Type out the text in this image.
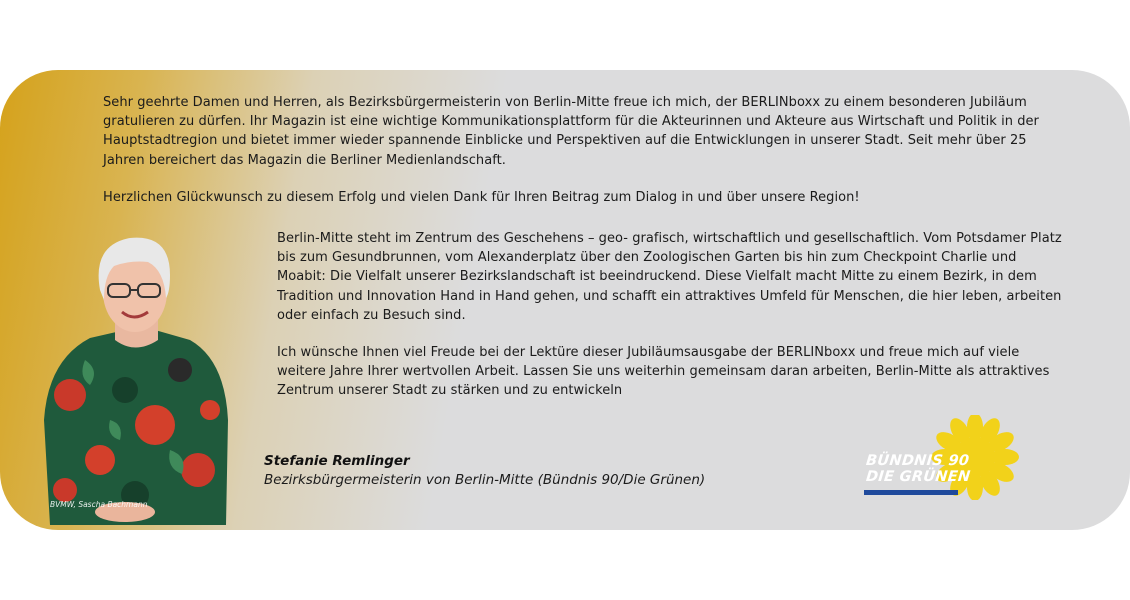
Sehr geehrte Damen und Herren, als Bezirksbürgermeisterin von Berlin-Mitte freue ich mich, der BERLINboxx zu einem besonderen Jubiläum gratulieren zu dürfen. Ihr Magazin ist eine wichtige Kommunikationsplattform für die Akteurinnen und Akteure aus Wirtschaft und Politik in der Hauptstadtregion und bietet immer wieder spannende Einblicke und Perspektiven auf die Entwicklungen in unserer Stadt. Seit mehr über 25 Jahren bereichert das Magazin die Berliner Medienlandschaft.
Herzlichen Glückwunsch zu diesem Erfolg und vielen Dank für Ihren Beitrag zum Dialog in und über unsere Region!
Berlin-Mitte steht im Zentrum des Geschehens – geo- grafisch, wirtschaftlich und gesellschaftlich. Vom Potsdamer Platz bis zum Gesundbrunnen, vom Alexanderplatz über den Zoologischen Garten bis hin zum Checkpoint Charlie und Moabit: Die Vielfalt unserer Bezirkslandschaft ist beeindruckend. Diese Vielfalt macht Mitte zu einem Bezirk, in dem Tradition und Innovation Hand in Hand gehen, und schafft ein attraktives Umfeld für Menschen, die hier leben, arbeiten oder einfach zu Besuch sind.
Ich wünsche Ihnen viel Freude bei der Lektüre dieser Jubiläumsausgabe der BERLINboxx und freue mich auf viele weitere Jahre Ihrer wertvollen Arbeit. Lassen Sie uns weiterhin gemeinsam daran arbeiten, Berlin-Mitte als attraktives Zentrum unserer Stadt zu stärken und zu entwickeln
BVMW, Sascha Bachmann
Stefanie Remlinger
Bezirksbürgermeisterin von Berlin-Mitte (Bündnis 90/Die Grünen)
BÜNDNIS 90
DIE GRÜNEN
